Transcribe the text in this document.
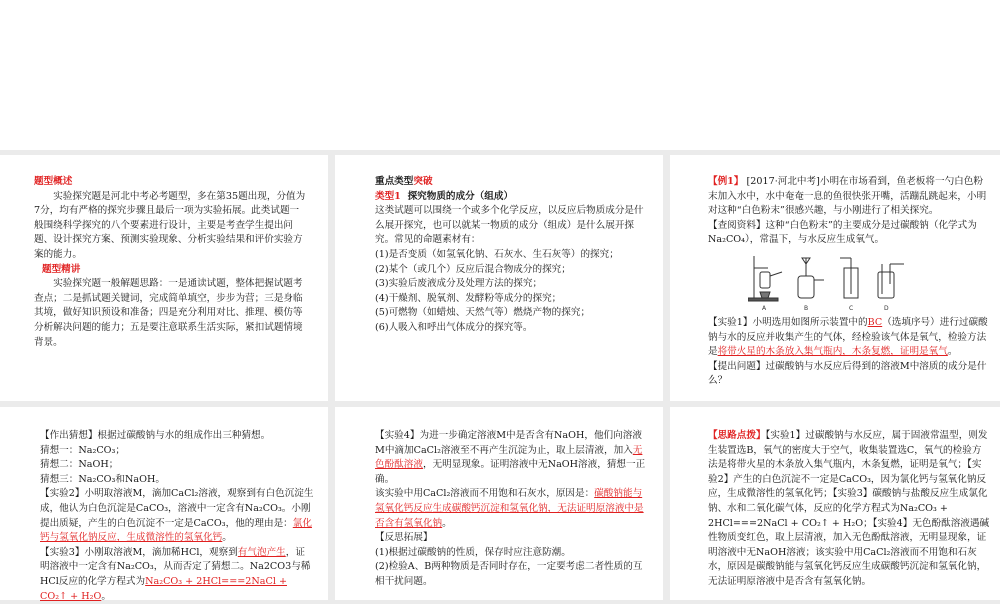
题型概述

实验探究题是河北中考必考题型，多在第35题出现，分值为7分，均有严格的探究步骤且最后一项为实验拓展。此类试题一般围绕科学探究的八个要素进行设计，主要是考查学生提出问题、设计探究方案、预测实验现象、分析实验结果和评价实验方案的能力。

题型精讲

实验探究题一般解题思路：一是通读试题，整体把握试题考查点；二是抓试题关键词，完成简单填空，步步为营；三是身临其境，做好知识预设和准备；四是充分利用对比、推理、模仿等分析解决问题的能力；五是要注意联系生活实际，紧扣试题情境背景。

重点类型突破

类型1 探究物质的成分（组成）

这类试题可以围绕一个或多个化学反应，以反应后物质成分是什么展开探究，也可以就某一物质的成分（组成）是什么展开探究。常见的命题素材有：

(1)是否变质（如氢氧化钠、石灰水、生石灰等）的探究；

(2)某个（或几个）反应后混合物成分的探究；

(3)实验后废液成分及处理方法的探究；

(4)干燥剂、脱氧剂、发酵粉等成分的探究；

(5)可燃物（如蜡烛、天然气等）燃烧产物的探究；

(6)人吸入和呼出气体成分的探究等。

【例1】 [2017·河北中考]小明在市场看到，鱼老板将一勺白色粉末加入水中，水中奄奄一息的鱼很快张开嘴，活蹦乱跳起来，小明对这种“白色粉末”很感兴趣，与小刚进行了相关探究。

【查阅资料】这种“白色粉末”的主要成分是过碳酸钠（化学式为Na₂CO₄），常温下，与水反应生成氧气。

A	B	C	D

【实验1】小明选用如图所示装置中的BC（选填序号）进行过碳酸钠与水的反应并收集产生的气体，经检验该气体是氧气，检验方法是将带火星的木条放入集气瓶内，木条复燃，证明是氧气。

【提出问题】过碳酸钠与水反应后得到的溶液M中溶质的成分是什么？

【作出猜想】根据过碳酸钠与水的组成作出三种猜想。

猜想一：Na₂CO₃；

猜想二：NaOH；

猜想三：Na₂CO₃和NaOH。

【实验2】小明取溶液M，滴加CaCl₂溶液，观察到有白色沉淀生成，他认为白色沉淀是CaCO₃，溶液中一定含有Na₂CO₃。小刚提出质疑，产生的白色沉淀不一定是CaCO₃，他的理由是：氯化钙与氢氧化钠反应，生成微溶性的氢氧化钙。

【实验3】小刚取溶液M，滴加稀HCl，观察到有气泡产生，证明溶液中一定含有Na₂CO₃，从而否定了猜想二。Na2CO3与稀HCl反应的化学方程式为Na₂CO₃ + 2HCl===2NaCl + CO₂↑ + H₂O。

【实验4】为进一步确定溶液M中是否含有NaOH，他们向溶液M中滴加CaCl₂溶液至不再产生沉淀为止，取上层清液，加入无色酚酞溶液，无明显现象。证明溶液中无NaOH溶液，猜想一正确。

该实验中用CaCl₂溶液而不用饱和石灰水，原因是：碳酸钠能与氢氧化钙反应生成碳酸钙沉淀和氢氧化钠，无法证明原溶液中是否含有氢氧化钠。

【反思拓展】

(1)根据过碳酸钠的性质，保存时应注意防潮。

(2)检验A、B两种物质是否同时存在，一定要考虑二者性质的互相干扰问题。

【思路点拨】【实验1】过碳酸钠与水反应，属于固液常温型，则发生装置选B，氧气的密度大于空气，收集装置选C，氧气的检验方法是将带火星的木条放入集气瓶内，木条复燃，证明是氧气；【实验2】产生的白色沉淀不一定是CaCO₃，因为氯化钙与氢氧化钠反应，生成微溶性的氢氧化钙；【实验3】碳酸钠与盐酸反应生成氯化钠、水和二氧化碳气体，反应的化学方程式为Na₂CO₃ + 2HCl===2NaCl + CO₂↑ + H₂O；【实验4】无色酚酞溶液遇碱性物质变红色，取上层清液，加入无色酚酞溶液，无明显现象，证明溶液中无NaOH溶液；该实验中用CaCl₂溶液而不用饱和石灰水，原因是碳酸钠能与氢氧化钙反应生成碳酸钙沉淀和氢氧化钠，无法证明原溶液中是否含有氢氧化钠。
